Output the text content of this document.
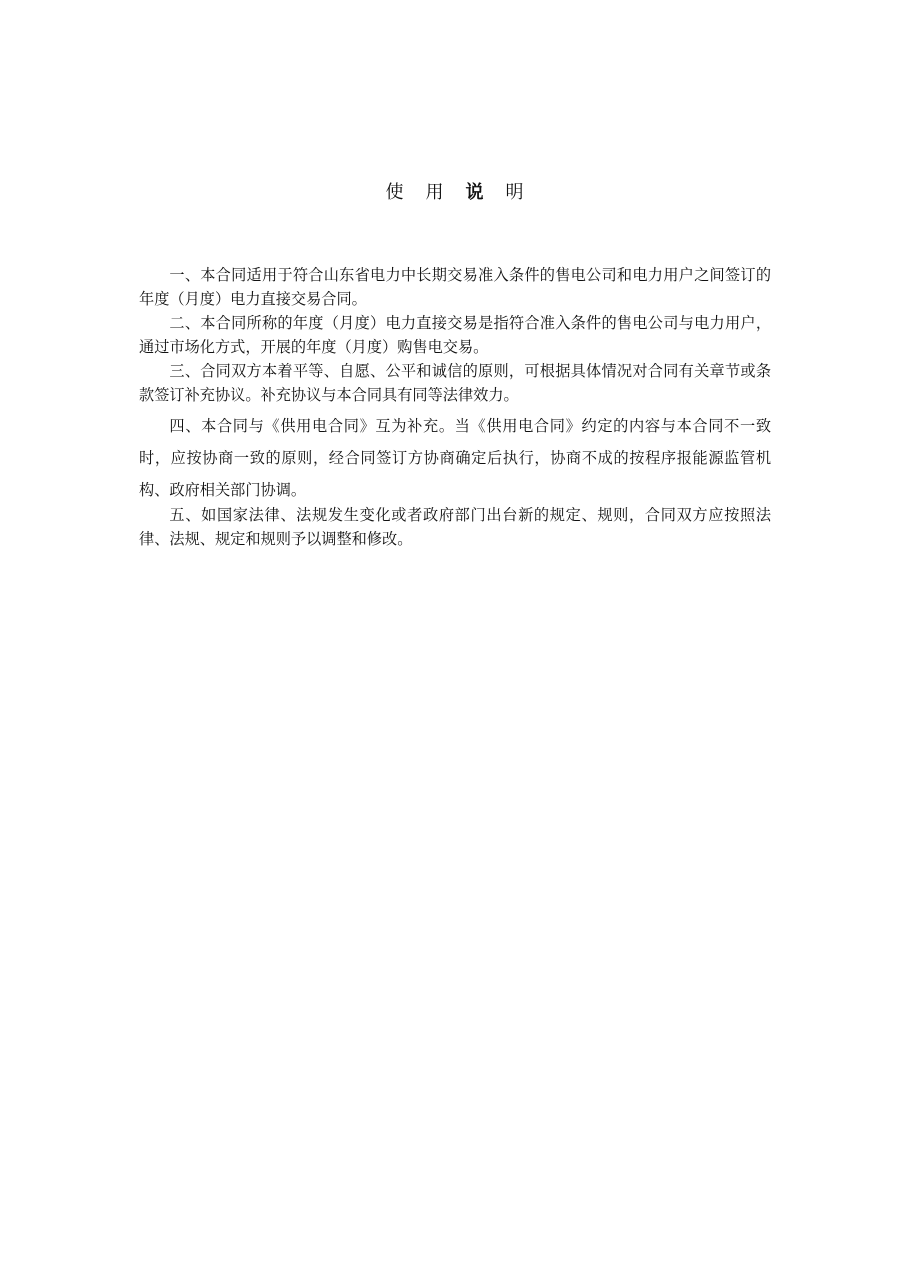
使 用 说 明

一、本合同适用于符合山东省电力中长期交易准入条件的售电公司和电力用户之间签订的年度（月度）电力直接交易合同。

二、本合同所称的年度（月度）电力直接交易是指符合准入条件的售电公司与电力用户，通过市场化方式，开展的年度（月度）购售电交易。

三、合同双方本着平等、自愿、公平和诚信的原则，可根据具体情况对合同有关章节或条款签订补充协议。补充协议与本合同具有同等法律效力。

四、本合同与《供用电合同》互为补充。当《供用电合同》约定的内容与本合同不一致时，应按协商一致的原则，经合同签订方协商确定后执行，协商不成的按程序报能源监管机构、政府相关部门协调。

五、如国家法律、法规发生变化或者政府部门出台新的规定、规则，合同双方应按照法律、法规、规定和规则予以调整和修改。
